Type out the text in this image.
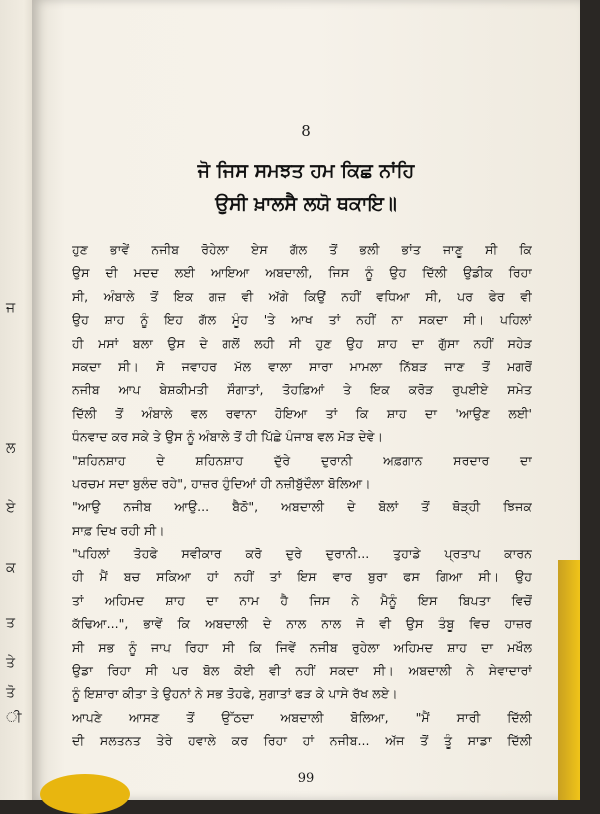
ਜ
ਲ
ਏ
ਕ
ਤ
ਤੇ
ਤੋ
ੀ
8
ਜੋ ਜਿਸ ਸਮਝਤ ਹਮ ਕਿਛ ਨਾਂਹਿ
ਉਸੀ ਖ਼ਾਲਸੈ ਲਯੋ ਥਕਾਇ॥
ਹੁਣ ਭਾਵੇਂ ਨਜੀਬ ਰੋਹੇਲਾ ਏਸ ਗੱਲ ਤੋਂ ਭਲੀ ਭਾਂਤ ਜਾਣੂ ਸੀ ਕਿ
ਉਸ ਦੀ ਮਦਦ ਲਈ ਆਇਆ ਅਬਦਾਲੀ, ਜਿਸ ਨੂੰ ਉਹ ਦਿੱਲੀ ਉਡੀਕ ਰਿਹਾ
ਸੀ, ਅੰਬਾਲੇ ਤੋਂ ਇਕ ਗਜ਼ ਵੀ ਅੱਗੇ ਕਿਉਂ ਨਹੀਂ ਵਧਿਆ ਸੀ, ਪਰ ਫੇਰ ਵੀ
ਉਹ ਸ਼ਾਹ ਨੂੰ ਇਹ ਗੱਲ ਮੂੰਹ 'ਤੇ ਆਖ ਤਾਂ ਨਹੀਂ ਨਾ ਸਕਦਾ ਸੀ। ਪਹਿਲਾਂ
ਹੀ ਮਸਾਂ ਬਲਾ ਉਸ ਦੇ ਗਲੋਂ ਲਹੀ ਸੀ ਹੁਣ ਉਹ ਸ਼ਾਹ ਦਾ ਗੁੱਸਾ ਨਹੀਂ ਸਹੇੜ
ਸਕਦਾ ਸੀ। ਸੋ ਜਵਾਹਰ ਮੱਲ ਵਾਲਾ ਸਾਰਾ ਮਾਮਲਾ ਨਿੱਬੜ ਜਾਣ ਤੋਂ ਮਗਰੋਂ
ਨਜੀਬ ਆਪ ਬੇਸ਼ਕੀਮਤੀ ਸੌਗਾਤਾਂ, ਤੋਹਫ਼ਿਆਂ ਤੇ ਇਕ ਕਰੋੜ ਰੁਪਈਏ ਸਮੇਤ
ਦਿੱਲੀ ਤੋਂ ਅੰਬਾਲੇ ਵਲ ਰਵਾਨਾ ਹੋਇਆ ਤਾਂ ਕਿ ਸ਼ਾਹ ਦਾ 'ਆਉਣ ਲਈ'
ਧੰਨਵਾਦ ਕਰ ਸਕੇ ਤੇ ਉਸ ਨੂੰ ਅੰਬਾਲੇ ਤੋਂ ਹੀ ਪਿੱਛੇ ਪੰਜਾਬ ਵਲ ਮੋੜ ਦੇਵੇ।
"ਸ਼ਹਿਨਸ਼ਾਹ ਦੇ ਸ਼ਹਿਨਸ਼ਾਹ ਦੁੱਰੇ ਦੁਰਾਨੀ ਅਫ਼ਗਾਨ ਸਰਦਾਰ ਦਾ
ਪਰਚਮ ਸਦਾ ਬੁਲੰਦ ਰਹੇ", ਹਾਜ਼ਰ ਹੁੰਦਿਆਂ ਹੀ ਨਜ਼ੀਬੁੱਦੌਲਾ ਬੋਲਿਆ।
"ਆਉ ਨਜੀਬ ਆਉ... ਬੈਠੋ", ਅਬਦਾਲੀ ਦੇ ਬੋਲਾਂ ਤੋਂ ਥੋੜ੍ਹੀ ਝਿਜਕ
ਸਾਫ਼ ਦਿਖ ਰਹੀ ਸੀ।
"ਪਹਿਲਾਂ ਤੋਹਫੇ ਸਵੀਕਾਰ ਕਰੋ ਦੁਰੇ ਦੁਰਾਨੀ... ਤੁਹਾਡੇ ਪ੍ਰਤਾਪ ਕਾਰਨ
ਹੀ ਮੈਂ ਬਚ ਸਕਿਆ ਹਾਂ ਨਹੀਂ ਤਾਂ ਇਸ ਵਾਰ ਬੁਰਾ ਫਸ ਗਿਆ ਸੀ। ਉਹ
ਤਾਂ ਅਹਿਮਦ ਸ਼ਾਹ ਦਾ ਨਾਮ ਹੈ ਜਿਸ ਨੇ ਮੈਨੂੰ ਇਸ ਬਿਪਤਾ ਵਿਚੋਂ
ਕੱਢਿਆ...", ਭਾਵੇਂ ਕਿ ਅਬਦਾਲੀ ਦੇ ਨਾਲ ਨਾਲ ਜੋ ਵੀ ਉਸ ਤੰਬੂ ਵਿਚ ਹਾਜ਼ਰ
ਸੀ ਸਭ ਨੂੰ ਜਾਪ ਰਿਹਾ ਸੀ ਕਿ ਜਿਵੇਂ ਨਜੀਬ ਰੁਹੇਲਾ ਅਹਿਮਦ ਸ਼ਾਹ ਦਾ ਮਖੌਲ
ਉਡਾ ਰਿਹਾ ਸੀ ਪਰ ਬੋਲ ਕੋਈ ਵੀ ਨਹੀਂ ਸਕਦਾ ਸੀ। ਅਬਦਾਲੀ ਨੇ ਸੇਵਾਦਾਰਾਂ
ਨੂੰ ਇਸ਼ਾਰਾ ਕੀਤਾ ਤੇ ਉਹਨਾਂ ਨੇ ਸਭ ਤੋਹਫੇ, ਸੁਗਾਤਾਂ ਫੜ ਕੇ ਪਾਸੇ ਰੱਖ ਲਏ।
ਆਪਣੇ ਆਸਣ ਤੋਂ ਉੱਠਦਾ ਅਬਦਾਲੀ ਬੋਲਿਆ, "ਮੈਂ ਸਾਰੀ ਦਿੱਲੀ
ਦੀ ਸਲਤਨਤ ਤੇਰੇ ਹਵਾਲੇ ਕਰ ਰਿਹਾ ਹਾਂ ਨਜੀਬ... ਅੱਜ ਤੋਂ ਤੂੰ ਸਾਡਾ ਦਿੱਲੀ
99
